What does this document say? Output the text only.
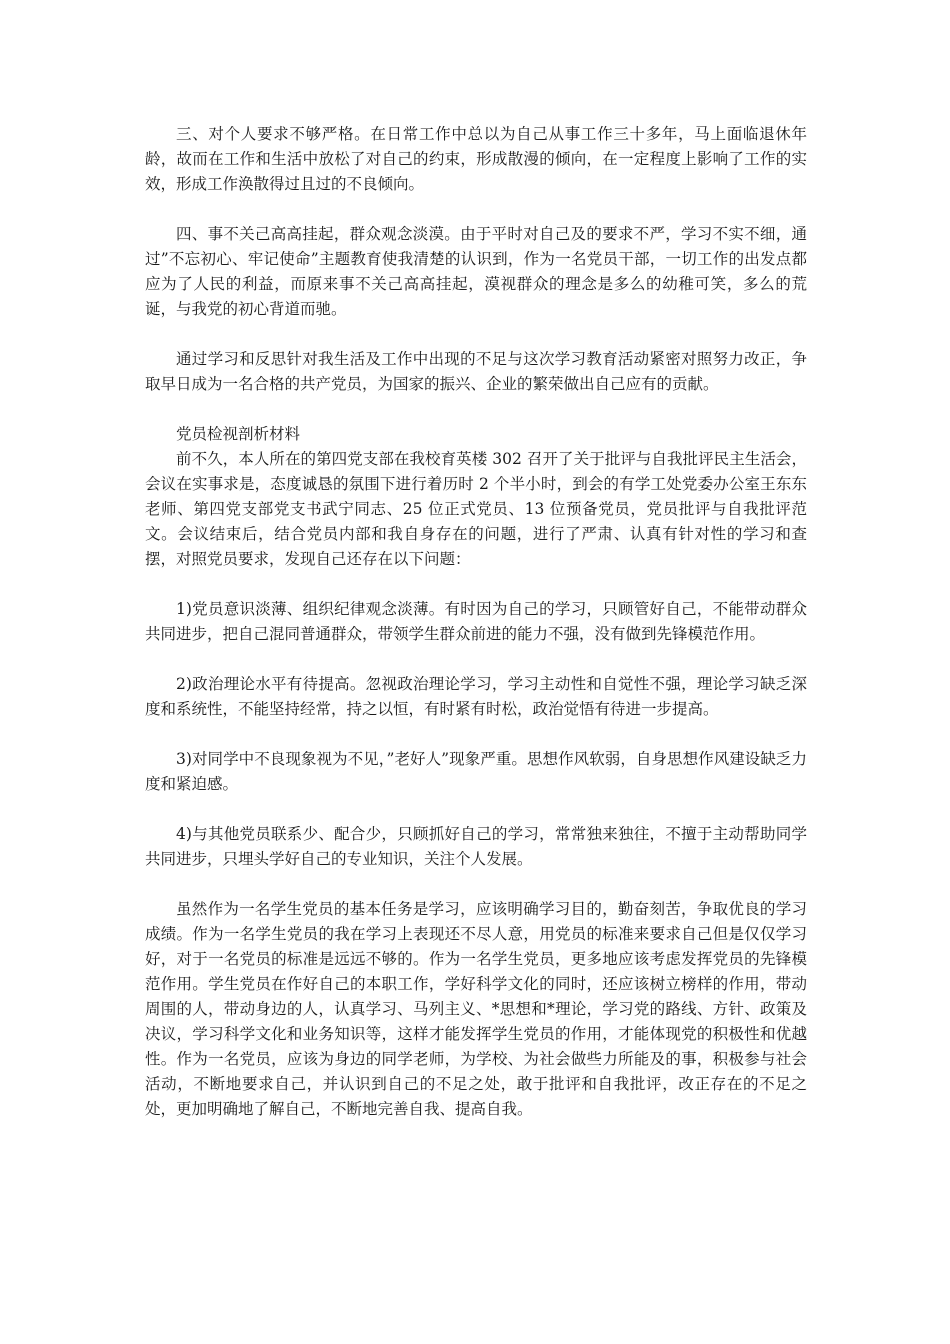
三、对个人要求不够严格。在日常工作中总以为自己从事工作三十多年，马上面临退休年龄，故而在工作和生活中放松了对自己的约束，形成散漫的倾向，在一定程度上影响了工作的实效，形成工作涣散得过且过的不良倾向。

四、事不关己高高挂起，群众观念淡漠。由于平时对自己及的要求不严，学习不实不细，通过”不忘初心、牢记使命”主题教育使我清楚的认识到，作为一名党员干部，一切工作的出发点都应为了人民的利益，而原来事不关己高高挂起，漠视群众的理念是多么的幼稚可笑，多么的荒诞，与我党的初心背道而驰。

通过学习和反思针对我生活及工作中出现的不足与这次学习教育活动紧密对照努力改正，争取早日成为一名合格的共产党员，为国家的振兴、企业的繁荣做出自己应有的贡献。

党员检视剖析材料

前不久，本人所在的第四党支部在我校育英楼 302 召开了关于批评与自我批评民主生活会，会议在实事求是，态度诚恳的氛围下进行着历时 2 个半小时，到会的有学工处党委办公室王东东老师、第四党支部党支书武宁同志、25 位正式党员、13 位预备党员，党员批评与自我批评范文。会议结束后，结合党员内部和我自身存在的问题，进行了严肃、认真有针对性的学习和查摆，对照党员要求，发现自己还存在以下问题：

1)党员意识淡薄、组织纪律观念淡薄。有时因为自己的学习，只顾管好自己，不能带动群众共同进步，把自己混同普通群众，带领学生群众前进的能力不强，没有做到先锋模范作用。

2)政治理论水平有待提高。忽视政治理论学习，学习主动性和自觉性不强，理论学习缺乏深度和系统性，不能坚持经常，持之以恒，有时紧有时松，政治觉悟有待进一步提高。

3)对同学中不良现象视为不见，”老好人”现象严重。思想作风软弱，自身思想作风建设缺乏力度和紧迫感。

4)与其他党员联系少、配合少，只顾抓好自己的学习，常常独来独往，不擅于主动帮助同学共同进步，只埋头学好自己的专业知识，关注个人发展。

虽然作为一名学生党员的基本任务是学习，应该明确学习目的，勤奋刻苦，争取优良的学习成绩。作为一名学生党员的我在学习上表现还不尽人意，用党员的标准来要求自己但是仅仅学习好，对于一名党员的标准是远远不够的。作为一名学生党员，更多地应该考虑发挥党员的先锋模范作用。学生党员在作好自己的本职工作，学好科学文化的同时，还应该树立榜样的作用，带动周围的人，带动身边的人，认真学习、马列主义、*思想和*理论，学习党的路线、方针、政策及决议，学习科学文化和业务知识等，这样才能发挥学生党员的作用，才能体现党的积极性和优越性。作为一名党员，应该为身边的同学老师，为学校、为社会做些力所能及的事，积极参与社会活动，不断地要求自己，并认识到自己的不足之处，敢于批评和自我批评，改正存在的不足之处，更加明确地了解自己，不断地完善自我、提高自我。
